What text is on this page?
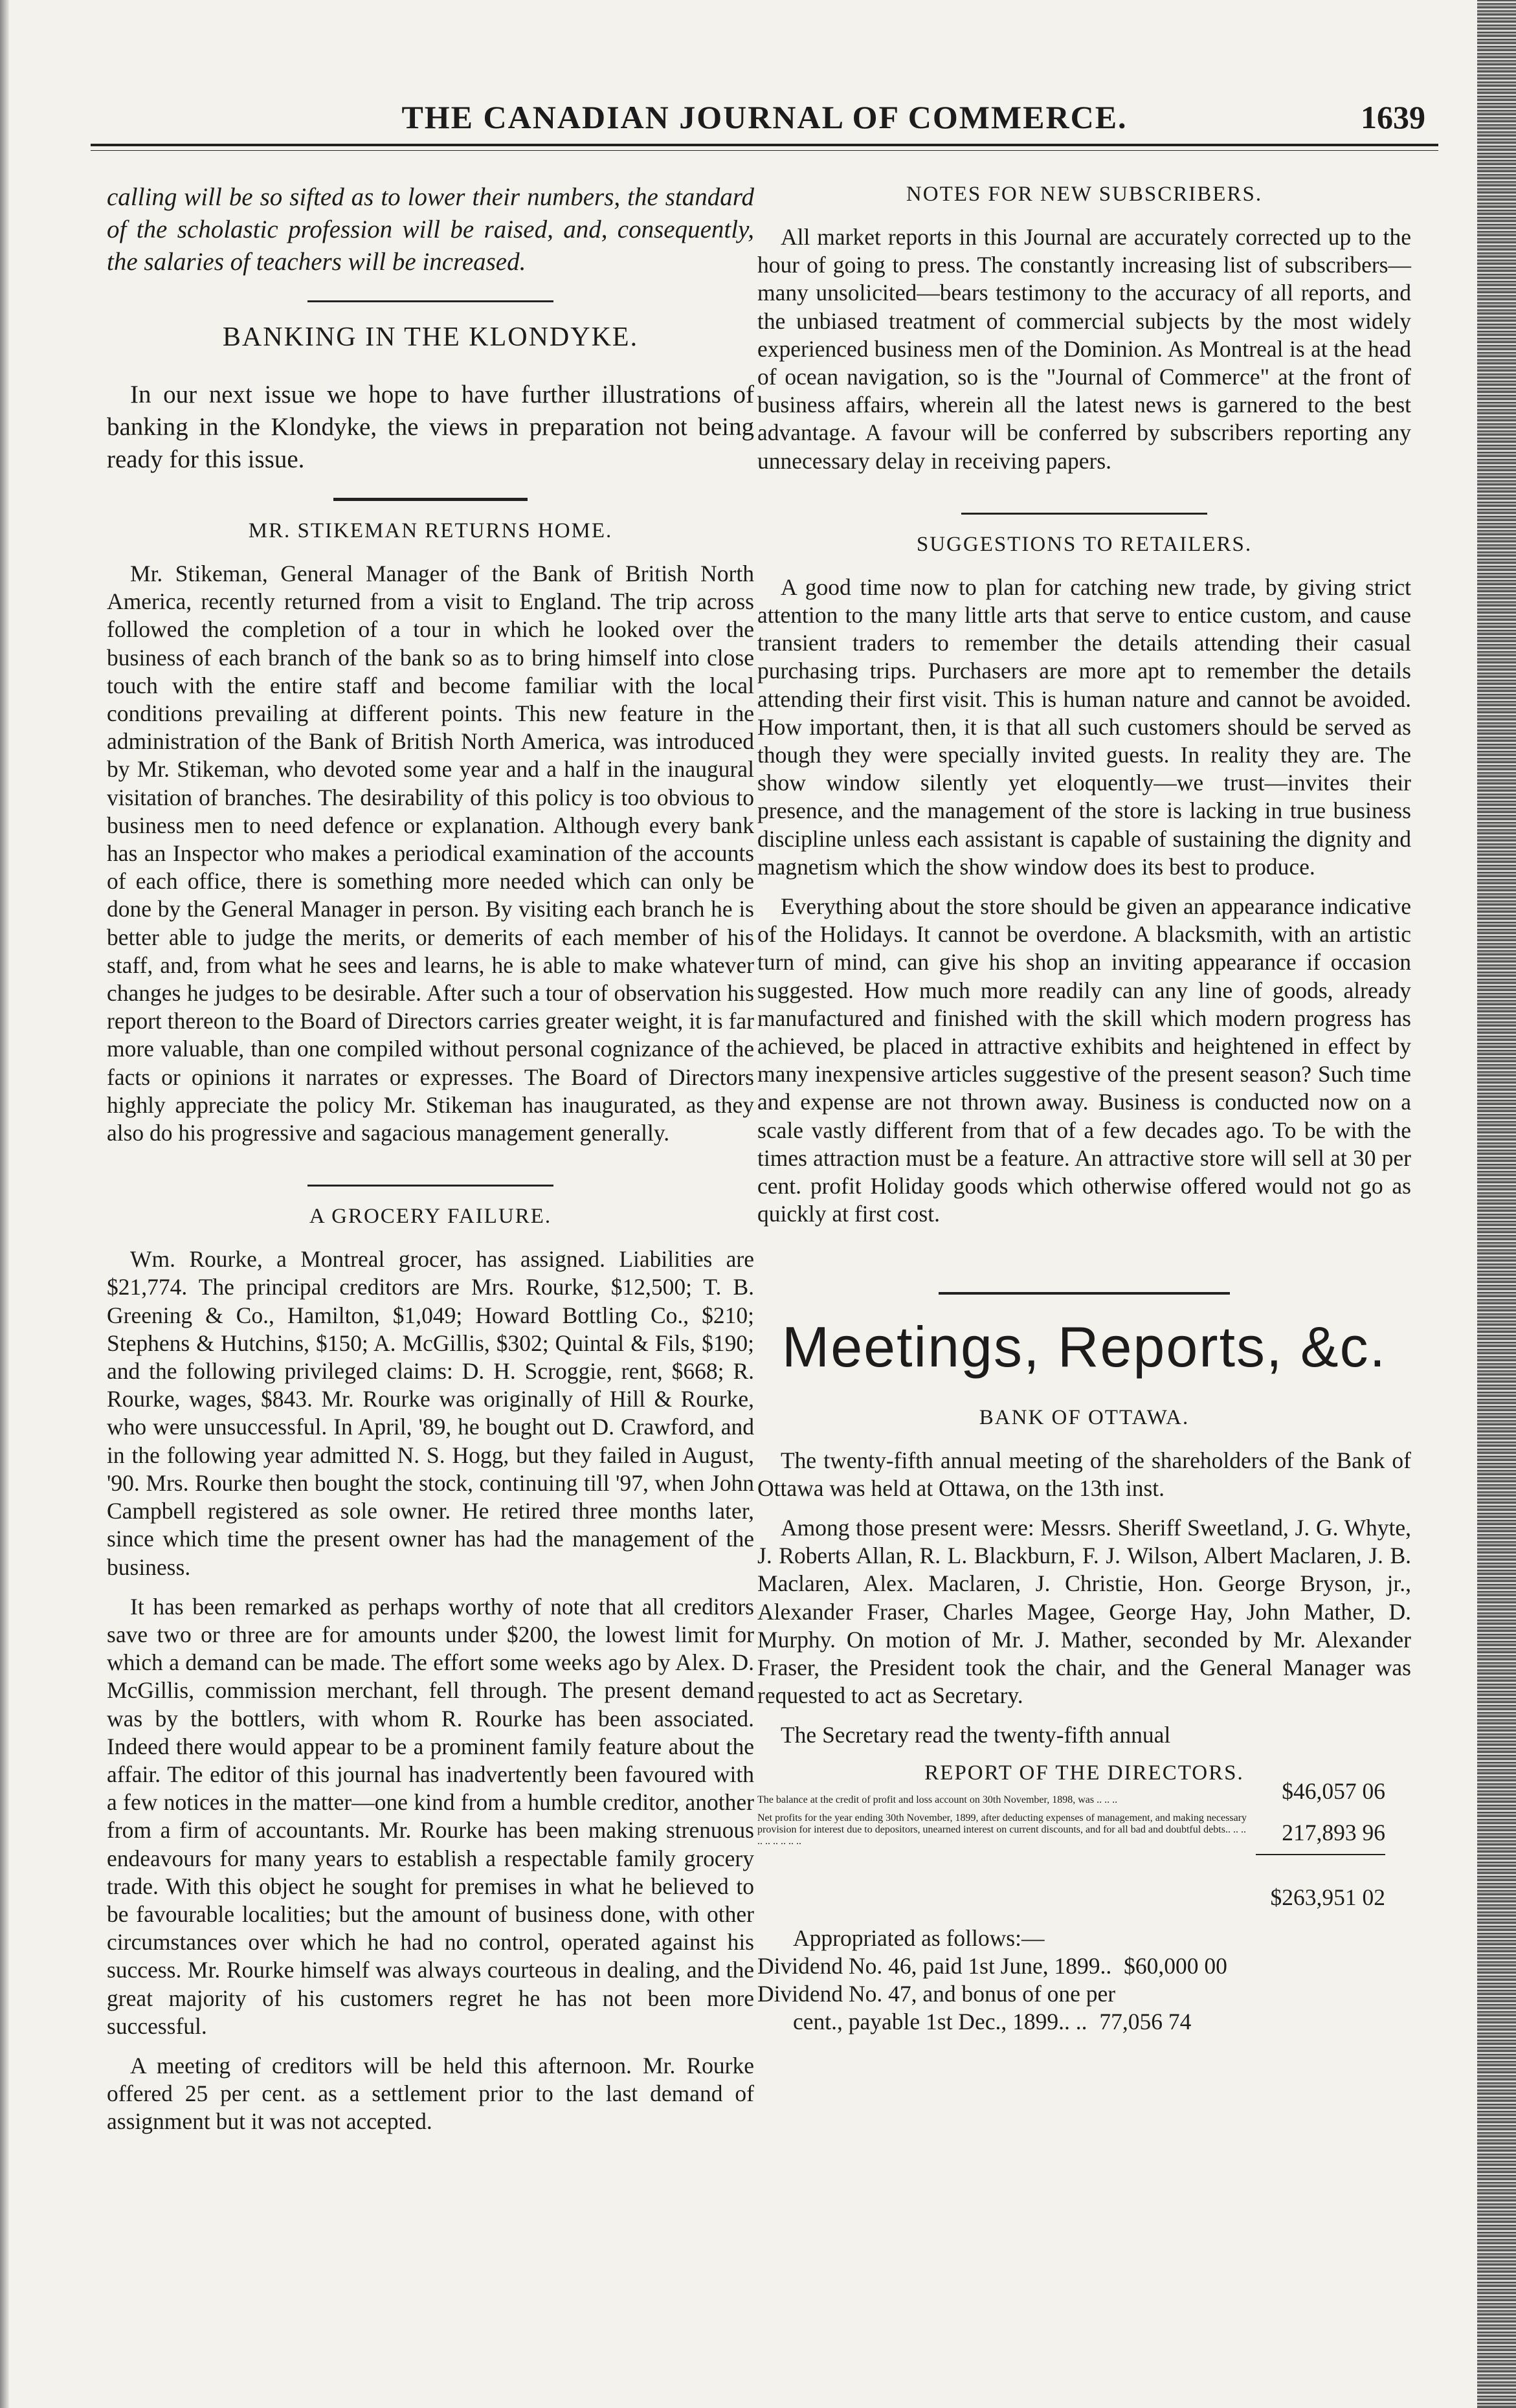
THE CANADIAN JOURNAL OF COMMERCE.	1639

calling will be so sifted as to lower their numbers, the standard of the scholastic profession will be raised, and, consequently, the salaries of teachers will be increased.

BANKING IN THE KLONDYKE.

In our next issue we hope to have further illustrations of banking in the Klondyke, the views in preparation not being ready for this issue.

MR. STIKEMAN RETURNS HOME.

Mr. Stikeman, General Manager of the Bank of British North America, recently returned from a visit to England. The trip across followed the completion of a tour in which he looked over the business of each branch of the bank so as to bring himself into close touch with the entire staff and become familiar with the local conditions prevailing at different points. This new feature in the administration of the Bank of British North America, was introduced by Mr. Stikeman, who devoted some year and a half in the inaugural visitation of branches. The desirability of this policy is too obvious to business men to need defence or explanation. Although every bank has an Inspector who makes a periodical examination of the accounts of each office, there is something more needed which can only be done by the General Manager in person. By visiting each branch he is better able to judge the merits, or demerits of each member of his staff, and, from what he sees and learns, he is able to make whatever changes he judges to be desirable. After such a tour of observation his report thereon to the Board of Directors carries greater weight, it is far more valuable, than one compiled without personal cognizance of the facts or opinions it narrates or expresses. The Board of Directors highly appreciate the policy Mr. Stikeman has inaugurated, as they also do his progressive and sagacious management generally.

A GROCERY FAILURE.

Wm. Rourke, a Montreal grocer, has assigned. Liabilities are $21,774. The principal creditors are Mrs. Rourke, $12,500; T. B. Greening & Co., Hamilton, $1,049; Howard Bottling Co., $210; Stephens & Hutchins, $150; A. McGillis, $302; Quintal & Fils, $190; and the following privileged claims: D. H. Scroggie, rent, $668; R. Rourke, wages, $843. Mr. Rourke was originally of Hill & Rourke, who were unsuccessful. In April, '89, he bought out D. Crawford, and in the following year admitted N. S. Hogg, but they failed in August, '90. Mrs. Rourke then bought the stock, continuing till '97, when John Campbell registered as sole owner. He retired three months later, since which time the present owner has had the management of the business.

It has been remarked as perhaps worthy of note that all creditors save two or three are for amounts under $200, the lowest limit for which a demand can be made. The effort some weeks ago by Alex. D. McGillis, commission merchant, fell through. The present demand was by the bottlers, with whom R. Rourke has been associated. Indeed there would appear to be a prominent family feature about the affair. The editor of this journal has inadvertently been favoured with a few notices in the matter—one kind from a humble creditor, another from a firm of accountants. Mr. Rourke has been making strenuous endeavours for many years to establish a respectable family grocery trade. With this object he sought for premises in what he believed to be favourable localities; but the amount of business done, with other circumstances over which he had no control, operated against his success. Mr. Rourke himself was always courteous in dealing, and the great majority of his customers regret he has not been more successful.

A meeting of creditors will be held this afternoon. Mr. Rourke offered 25 per cent. as a settlement prior to the last demand of assignment but it was not accepted.

NOTES FOR NEW SUBSCRIBERS.

All market reports in this Journal are accurately corrected up to the hour of going to press. The constantly increasing list of subscribers—many unsolicited—bears testimony to the accuracy of all reports, and the unbiased treatment of commercial subjects by the most widely experienced business men of the Dominion. As Montreal is at the head of ocean navigation, so is the "Journal of Commerce" at the front of business affairs, wherein all the latest news is garnered to the best advantage. A favour will be conferred by subscribers reporting any unnecessary delay in receiving papers.

SUGGESTIONS TO RETAILERS.

A good time now to plan for catching new trade, by giving strict attention to the many little arts that serve to entice custom, and cause transient traders to remember the details attending their casual purchasing trips. Purchasers are more apt to remember the details attending their first visit. This is human nature and cannot be avoided. How important, then, it is that all such customers should be served as though they were specially invited guests. In reality they are. The show window silently yet eloquently—we trust—invites their presence, and the management of the store is lacking in true business discipline unless each assistant is capable of sustaining the dignity and magnetism which the show window does its best to produce.

Everything about the store should be given an appearance indicative of the Holidays. It cannot be overdone. A blacksmith, with an artistic turn of mind, can give his shop an inviting appearance if occasion suggested. How much more readily can any line of goods, already manufactured and finished with the skill which modern progress has achieved, be placed in attractive exhibits and heightened in effect by many inexpensive articles suggestive of the present season? Such time and expense are not thrown away. Business is conducted now on a scale vastly different from that of a few decades ago. To be with the times attraction must be a feature. An attractive store will sell at 30 per cent. profit Holiday goods which otherwise offered would not go as quickly at first cost.

Meetings, Reports, &c.
BANK OF OTTAWA.

The twenty-fifth annual meeting of the shareholders of the Bank of Ottawa was held at Ottawa, on the 13th inst.

Among those present were: Messrs. Sheriff Sweetland, J. G. Whyte, J. Roberts Allan, R. L. Blackburn, F. J. Wilson, Albert Maclaren, J. B. Maclaren, Alex. Maclaren, J. Christie, Hon. George Bryson, jr., Alexander Fraser, Charles Magee, George Hay, John Mather, D. Murphy. On motion of Mr. J. Mather, seconded by Mr. Alexander Fraser, the President took the chair, and the General Manager was requested to act as Secretary.

The Secretary read the twenty-fifth annual

REPORT OF THE DIRECTORS.
The balance at the credit of profit and loss account on 30th November, 1898, was .. .. ..	$46,057 06
Net profits for the year ending 30th November, 1899, after deducting expenses of management, and making necessary provision for interest due to depositors, unearned interest on current discounts, and for all bad and doubtful debts.. .. .. .. .. .. .. .. ..	217,893 96
$263,951 02
Appropriated as follows:—
Dividend No. 46, paid 1st June, 1899.. $60,000 00
Dividend No. 47, and bonus of one per
cent., payable 1st Dec., 1899.. .. 77,056 74
